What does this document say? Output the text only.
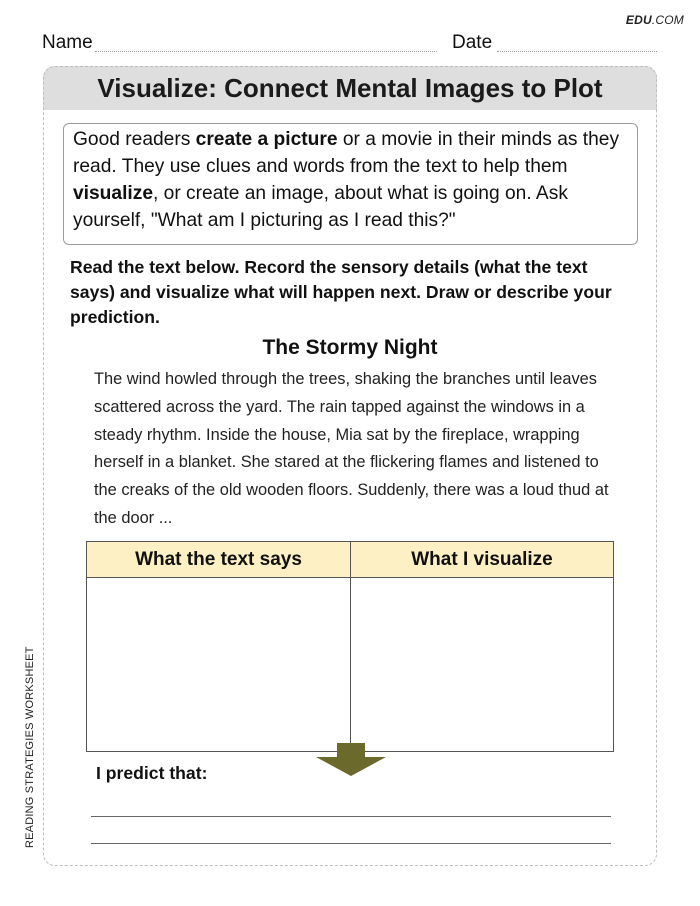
EDU.COM
Name	Date
READING STRATEGIES WORKSHEET
Visualize: Connect Mental Images to Plot
Good readers create a picture or a movie in their minds as they read. They use clues and words from the text to help them visualize, or create an image, about what is going on. Ask yourself, "What am I picturing as I read this?"
Read the text below. Record the sensory details (what the text says) and visualize what will happen next. Draw or describe your prediction.
The Stormy Night
The wind howled through the trees, shaking the branches until leaves scattered across the yard. The rain tapped against the windows in a steady rhythm. Inside the house, Mia sat by the fireplace, wrapping herself in a blanket. She stared at the flickering flames and listened to the creaks of the old wooden floors. Suddenly, there was a loud thud at the door ...
What the text says	What I visualize
I predict that:
